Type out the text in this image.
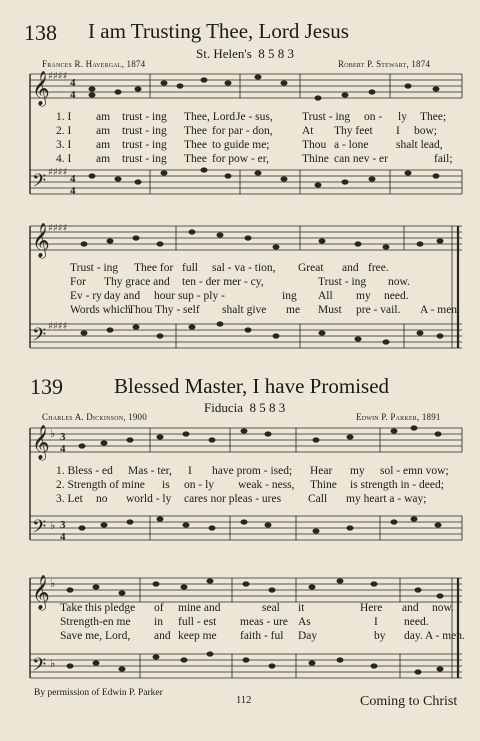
138 I am Trusting Thee, Lord Jesus
St. Helen's 8 5 8 3
Frances R. Havergal, 1874	Robert P. Stewart, 1874
𝄞
𝄢
♯♯♯♯
♯♯♯♯
4
4
4
4
1. I am trust - ing Thee, LordJe - sus,	Trust - ing on - ly Thee;
2. I am trust - ing Thee for par - don,	At Thy feet I bow;
3. I am trust - ing Thee to guide me;	Thou a - lone shalt lead,
4. I am trust - ing Thee for pow - er,	Thine can nev - er	fail;
𝄞
𝄢
♯♯♯♯
♯♯♯♯
Trust - ing Thee for full sal - va - tion, Great and free.
For Thy grace and ten - der mer - cy,	Trust - ing now.
Ev - ry day and hour sup - ply -	ing All my need.
Words whichThou Thy - self shalt give me Must pre - vail. A - men.
139 Blessed Master, I have Promised
Fiducia 8 5 8 3
Charles A. Dickinson, 1900	Edwin P. Parker, 1891
𝄞
𝄢
♭
♭
3
4
3
4
1. Bless - ed Mas - ter, I have prom - ised; Hear my sol - emn vow;
2. Strength of mine is on - ly weak - ness, Thine is strength in - deed;
3. Let no world - ly cares nor pleas - ures Call my heart a - way;
𝄞
𝄢
♭
♭
Take this pledge of mine and	seal it	Here and now.
Strength-en me in full - est meas - ure As	I need.
Save me, Lord, and keep me faith - ful Day	by day. A - men.
By permission of Edwin P. Parker
112	Coming to Christ
